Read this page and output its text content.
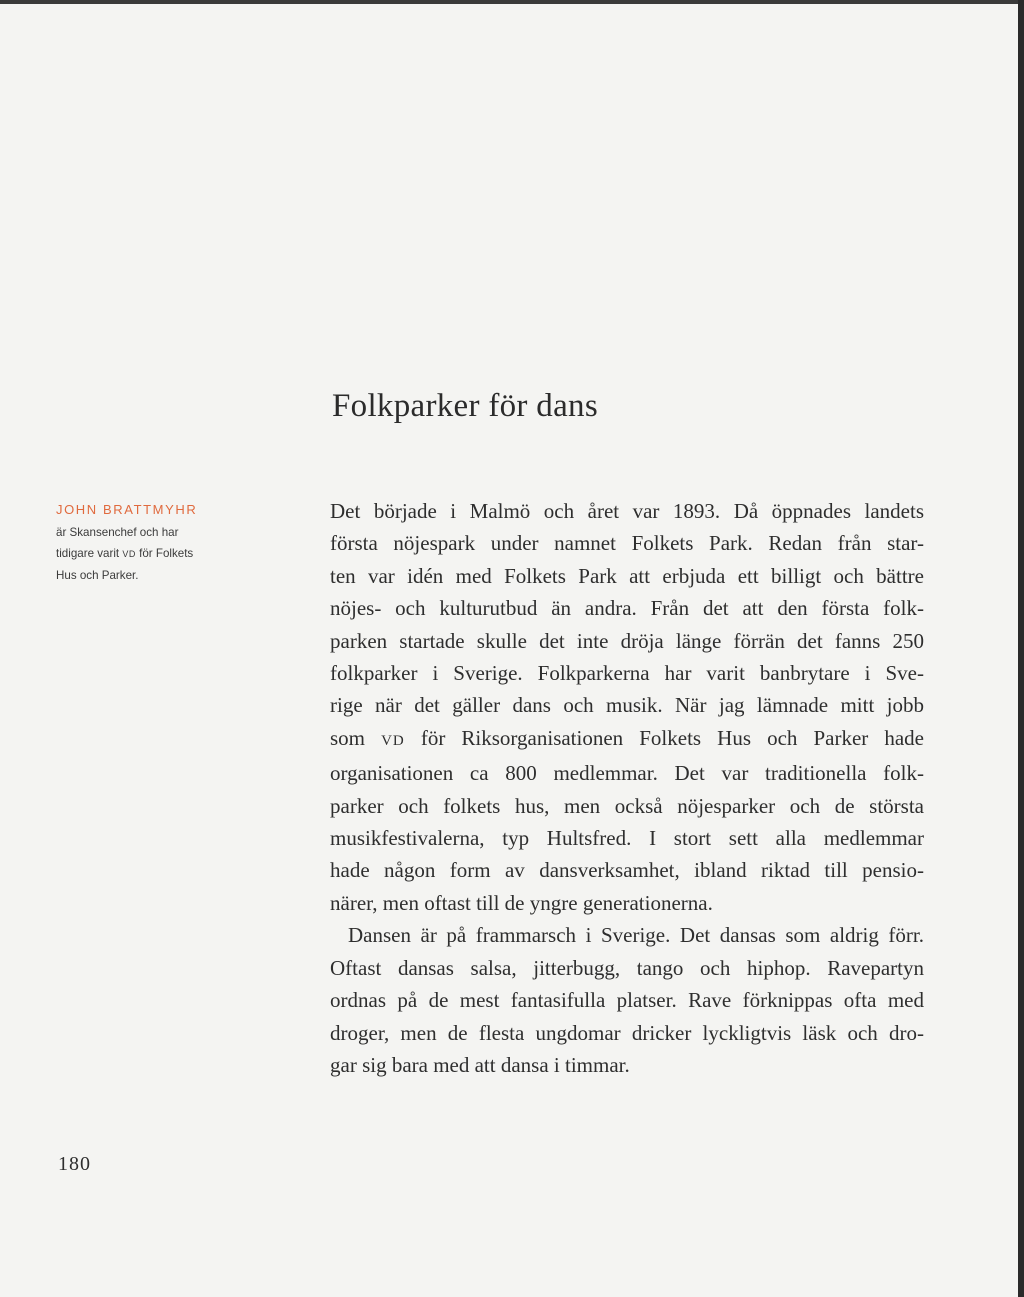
Folkparker för dans
JOHN BRATTMYHR
är Skansenchef och har
tidigare varit VD för Folkets
Hus och Parker.

Det började i Malmö och året var 1893. Då öppnades landets
första nöjespark under namnet Folkets Park. Redan från star-
ten var idén med Folkets Park att erbjuda ett billigt och bättre
nöjes- och kulturutbud än andra. Från det att den första folk-
parken startade skulle det inte dröja länge förrän det fanns 250
folkparker i Sverige. Folkparkerna har varit banbrytare i Sve-
rige när det gäller dans och musik. När jag lämnade mitt jobb
som VD för Riksorganisationen Folkets Hus och Parker hade
organisationen ca 800 medlemmar. Det var traditionella folk-
parker och folkets hus, men också nöjesparker och de största
musikfestivalerna, typ Hultsfred. I stort sett alla medlemmar
hade någon form av dansverksamhet, ibland riktad till pensio-
närer, men oftast till de yngre generationerna.

Dansen är på frammarsch i Sverige. Det dansas som aldrig förr.
Oftast dansas salsa, jitterbugg, tango och hiphop. Ravepartyn
ordnas på de mest fantasifulla platser. Rave förknippas ofta med
droger, men de flesta ungdomar dricker lyckligtvis läsk och dro-
gar sig bara med att dansa i timmar.

180
